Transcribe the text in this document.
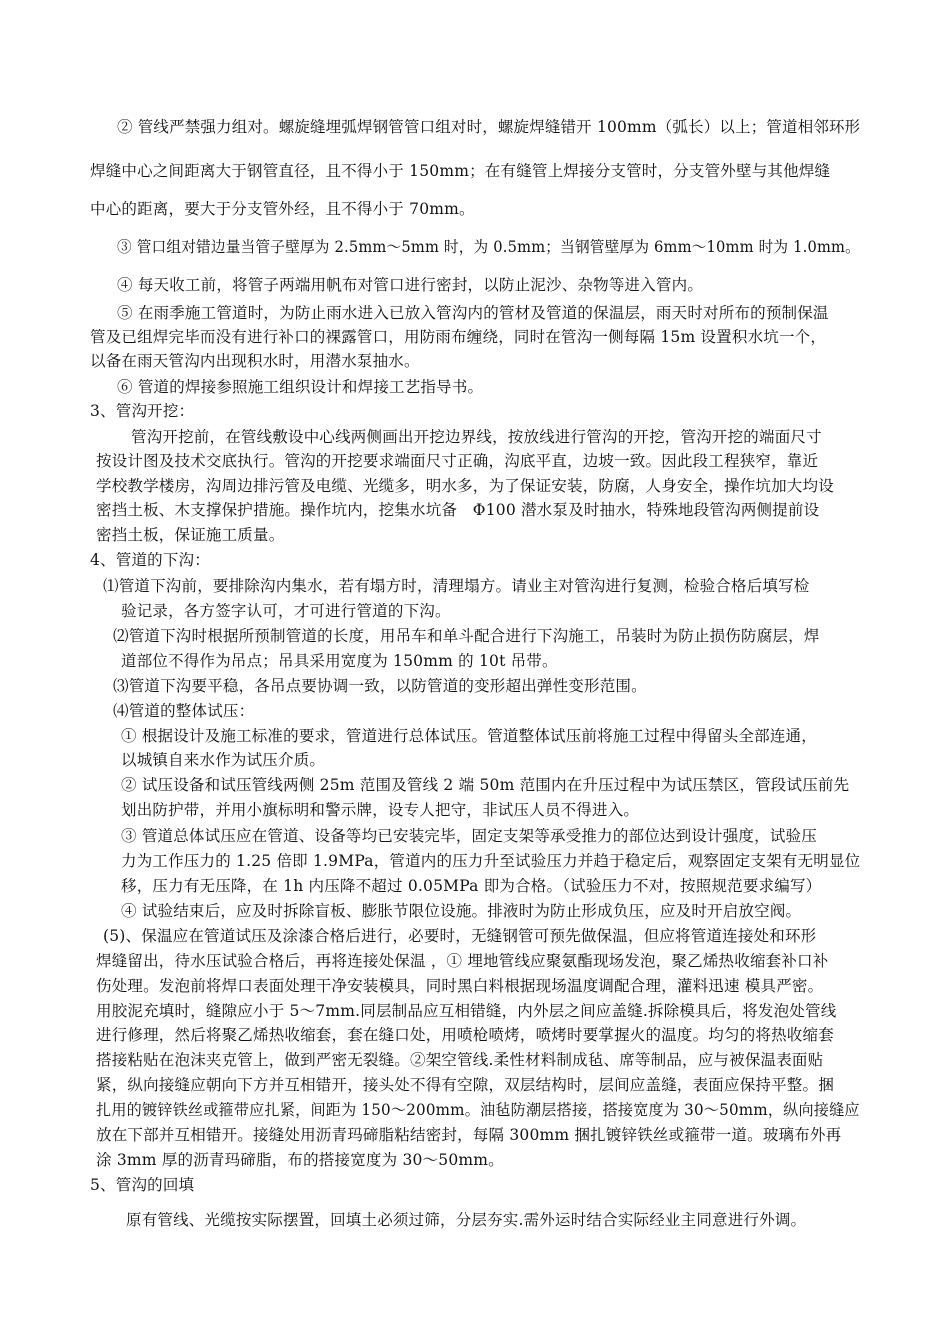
② 管线严禁强力组对。螺旋缝埋弧焊钢管管口组对时，螺旋焊缝错开 100mm（弧长）以上；管道相邻环形
焊缝中心之间距离大于钢管直径，且不得小于 150mm；在有缝管上焊接分支管时，分支管外壁与其他焊缝
中心的距离，要大于分支管外经，且不得小于 70mm。
③ 管口组对错边量当管子壁厚为 2.5mm～5mm 时，为 0.5mm；当钢管壁厚为 6mm～10mm 时为 1.0mm。
④ 每天收工前，将管子两端用帆布对管口进行密封，以防止泥沙、杂物等进入管内。
⑤ 在雨季施工管道时，为防止雨水进入已放入管沟内的管材及管道的保温层，雨天时对所布的预制保温
管及已组焊完毕而没有进行补口的裸露管口，用防雨布缠绕，同时在管沟一侧每隔 15m 设置积水坑一个，
以备在雨天管沟内出现积水时，用潜水泵抽水。
⑥ 管道的焊接参照施工组织设计和焊接工艺指导书。
3、管沟开挖：
管沟开挖前，在管线敷设中心线两侧画出开挖边界线，按放线进行管沟的开挖，管沟开挖的端面尺寸
按设计图及技术交底执行。管沟的开挖要求端面尺寸正确，沟底平直，边坡一致。因此段工程狭窄，靠近
学校教学楼房，沟周边排污管及电缆、光缆多，明水多，为了保证安装，防腐，人身安全，操作坑加大均设
密挡土板、木支撑保护措施。操作坑内，挖集水坑备　Φ100 潜水泵及时抽水，特殊地段管沟两侧提前设
密挡土板，保证施工质量。
4、管道的下沟：
⑴管道下沟前，要排除沟内集水，若有塌方时，清理塌方。请业主对管沟进行复测，检验合格后填写检
验记录，各方签字认可，才可进行管道的下沟。
⑵管道下沟时根据所预制管道的长度，用吊车和单斗配合进行下沟施工，吊装时为防止损伤防腐层，焊
道部位不得作为吊点；吊具采用宽度为 150mm 的 10t 吊带。
⑶管道下沟要平稳，各吊点要协调一致，以防管道的变形超出弹性变形范围。
⑷管道的整体试压：
① 根据设计及施工标准的要求，管道进行总体试压。管道整体试压前将施工过程中得留头全部连通，
以城镇自来水作为试压介质。
② 试压设备和试压管线两侧 25m 范围及管线 2 端 50m 范围内在升压过程中为试压禁区，管段试压前先
划出防护带，并用小旗标明和警示牌，设专人把守，非试压人员不得进入。
③ 管道总体试压应在管道、设备等均已安装完毕，固定支架等承受推力的部位达到设计强度，试验压
力为工作压力的 1.25 倍即 1.9MPa，管道内的压力升至试验压力并趋于稳定后，观察固定支架有无明显位
移，压力有无压降，在 1h 内压降不超过 0.05MPa 即为合格。（试验压力不对，按照规范要求编写）
④ 试验结束后，应及时拆除盲板、膨胀节限位设施。排液时为防止形成负压，应及时开启放空阀。
(5)、保温应在管道试压及涂漆合格后进行，必要时，无缝钢管可预先做保温，但应将管道连接处和环形
焊缝留出，待水压试验合格后，再将连接处保温 ，① 埋地管线应聚氨酯现场发泡，聚乙烯热收缩套补口补
伤处理。发泡前将焊口表面处理干净安装模具，同时黑白料根据现场温度调配合理，灌料迅速 模具严密。
用胶泥充填时，缝隙应小于 5～7mm.同层制品应互相错缝，内外层之间应盖缝.拆除模具后，将发泡处管线
进行修理，然后将聚乙烯热收缩套，套在缝口处，用喷枪喷烤，喷烤时要掌握火的温度。均匀的将热收缩套
搭接粘贴在泡沫夹克管上，做到严密无裂缝。②架空管线.柔性材料制成毡、席等制品，应与被保温表面贴
紧，纵向接缝应朝向下方并互相错开，接头处不得有空隙，双层结构时，层间应盖缝，表面应保持平整。捆
扎用的镀锌铁丝或箍带应扎紧，间距为 150～200mm。油毡防潮层搭接，搭接宽度为 30～50mm，纵向接缝应
放在下部并互相错开。接缝处用沥青玛碲脂粘结密封，每隔 300mm 捆扎镀锌铁丝或箍带一道。玻璃布外再
涂 3mm 厚的沥青玛碲脂，布的搭接宽度为 30～50mm。
5、管沟的回填
原有管线、光缆按实际摆置，回填土必须过筛，分层夯实.需外运时结合实际经业主同意进行外调。
